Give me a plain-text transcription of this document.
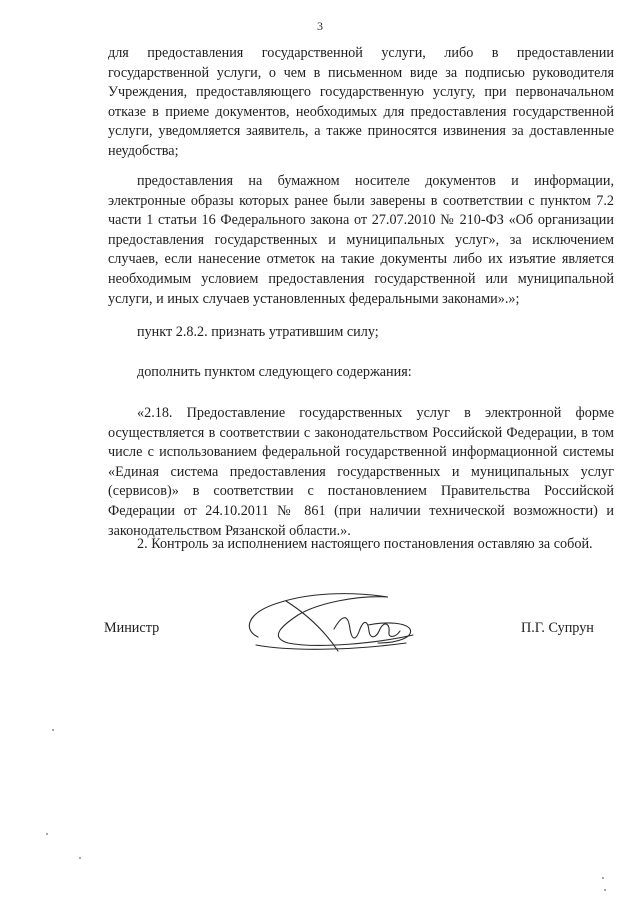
3

для предоставления государственной услуги, либо в предоставлении государственной услуги, о чем в письменном виде за подписью руководителя Учреждения, предоставляющего государственную услугу, при первоначальном отказе в приеме документов, необходимых для предоставления государственной услуги, уведомляется заявитель, а также приносятся извинения за доставленные неудобства;

предоставления на бумажном носителе документов и информации, электронные образы которых ранее были заверены в соответствии с пунктом 7.2 части 1 статьи 16 Федерального закона от 27.07.2010 № 210-ФЗ «Об организации предоставления государственных и муниципальных услуг», за исключением случаев, если нанесение отметок на такие документы либо их изъятие является необходимым условием предоставления государственной или муниципальной услуги, и иных случаев установленных федеральными законами».»;

пункт 2.8.2. признать утратившим силу;

дополнить пунктом следующего содержания:

«2.18. Предоставление государственных услуг в электронной форме осуществляется в соответствии с законодательством Российской Федерации, в том числе с использованием федеральной государственной информационной системы «Единая система предоставления государственных и муниципальных услуг (сервисов)» в соответствии с постановлением Правительства Российской Федерации от 24.10.2011 № 861 (при наличии технической возможности) и законодательством Рязанской области.».

2. Контроль за исполнением настоящего постановления оставляю за собой.

Министр	П.Г. Супрун
